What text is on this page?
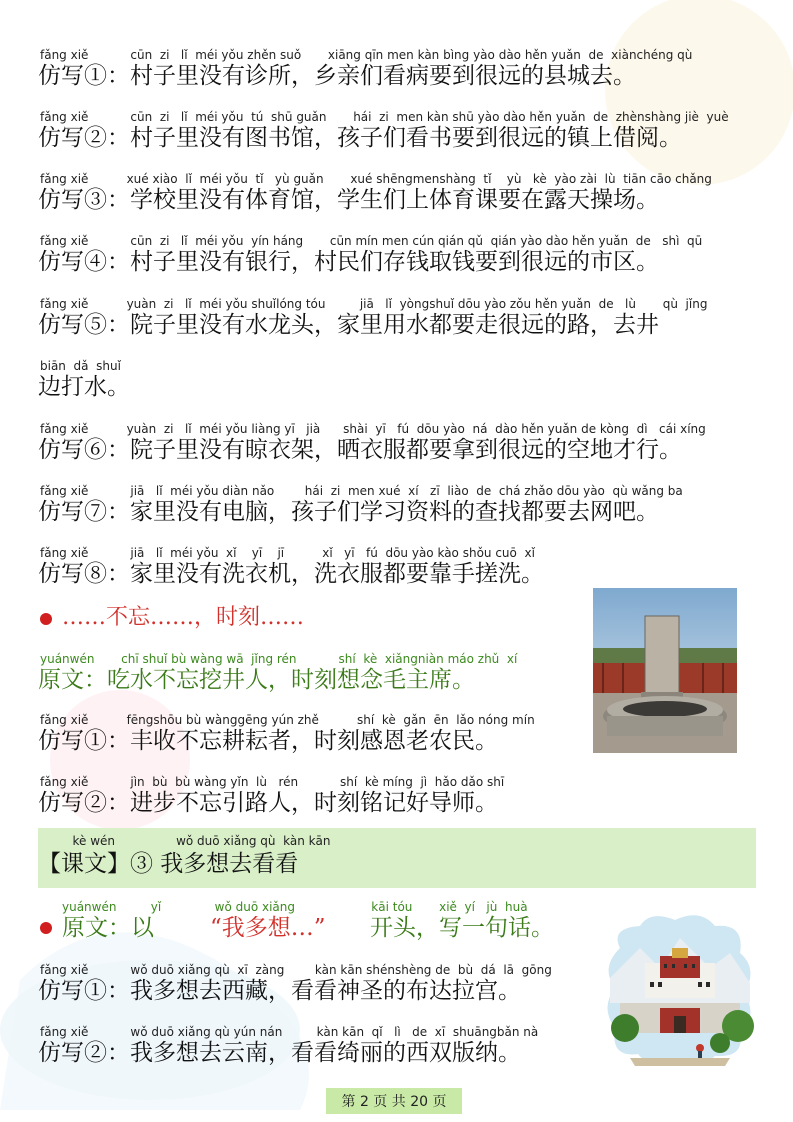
fǎng xiě           cūn  zi   lǐ  méi yǒu zhěn suǒ       xiāng qīn men kàn bìng yào dào hěn yuǎn  de  xiànchéng qù
仿写①：村子里没有诊所，乡亲们看病要到很远的县城去。
fǎng xiě           cūn  zi   lǐ  méi yǒu  tú  shū guǎn       hái  zi  men kàn shū yào dào hěn yuǎn  de  zhènshàng jiè  yuè
仿写②：村子里没有图书馆，孩子们看书要到很远的镇上借阅。
fǎng xiě          xué xiào  lǐ  méi yǒu  tǐ   yù guǎn       xué shēngmenshàng  tǐ    yù   kè  yào zài  lù  tiān cāo chǎng
仿写③：学校里没有体育馆，学生们上体育课要在露天操场。
fǎng xiě           cūn  zi   lǐ  méi yǒu  yín háng       cūn mín men cún qián qǔ  qián yào dào hěn yuǎn  de   shì  qū
仿写④：村子里没有银行，村民们存钱取钱要到很远的市区。
fǎng xiě          yuàn  zi   lǐ  méi yǒu shuǐlóng tóu         jiā   lǐ  yòngshuǐ dōu yào zǒu hěn yuǎn  de   lù       qù  jǐng
仿写⑤：院子里没有水龙头，家里用水都要走很远的路，去井
biān  dǎ  shuǐ
边打水。
fǎng xiě          yuàn  zi   lǐ  méi yǒu liàng yī   jià      shài  yī   fú  dōu yào  ná  dào hěn yuǎn de kòng  dì   cái xíng
仿写⑥：院子里没有晾衣架，晒衣服都要拿到很远的空地才行。
fǎng xiě           jiā   lǐ  méi yǒu diàn nǎo        hái  zi  men xué  xí   zī  liào  de  chá zhǎo dōu yào  qù wǎng ba
仿写⑦：家里没有电脑，孩子们学习资料的查找都要去网吧。
fǎng xiě           jiā   lǐ  méi yǒu  xǐ    yī    jī          xǐ   yī   fú  dōu yào kào shǒu cuō  xǐ
仿写⑧：家里没有洗衣机，洗衣服都要靠手搓洗。
……不忘……，时刻……
yuánwén       chī shuǐ bù wàng wā  jǐng rén           shí  kè  xiǎngniàn máo zhǔ  xí
原文：吃水不忘挖井人，时刻想念毛主席。
fǎng xiě          fēngshōu bù wànggēng yún zhě          shí  kè  gǎn  ēn  lǎo nóng mín
仿写①：丰收不忘耕耘者，时刻感恩老农民。
fǎng xiě           jìn  bù  bù wàng yǐn  lù   rén           shí  kè míng  jì  hǎo dǎo shī
仿写②：进步不忘引路人，时刻铭记好导师。
kè wén                wǒ duō xiǎng qù  kàn kān
【课文】③ 我多想去看看
yuánwén         yǐ              wǒ duō xiǎng                    kāi tóu       xiě  yí   jù  huà
原文：以 “我多想…” 开头，写一句话。
fǎng xiě           wǒ duō xiǎng qù  xī  zàng        kàn kān shénshèng de  bù  dá  lā  gōng
仿写①：我多想去西藏，看看神圣的布达拉宫。
fǎng xiě           wǒ duō xiǎng qù yún nán         kàn kān  qǐ   lì   de  xī  shuāngbǎn nà
仿写②：我多想去云南，看看绮丽的西双版纳。
第 2 页 共 20 页
